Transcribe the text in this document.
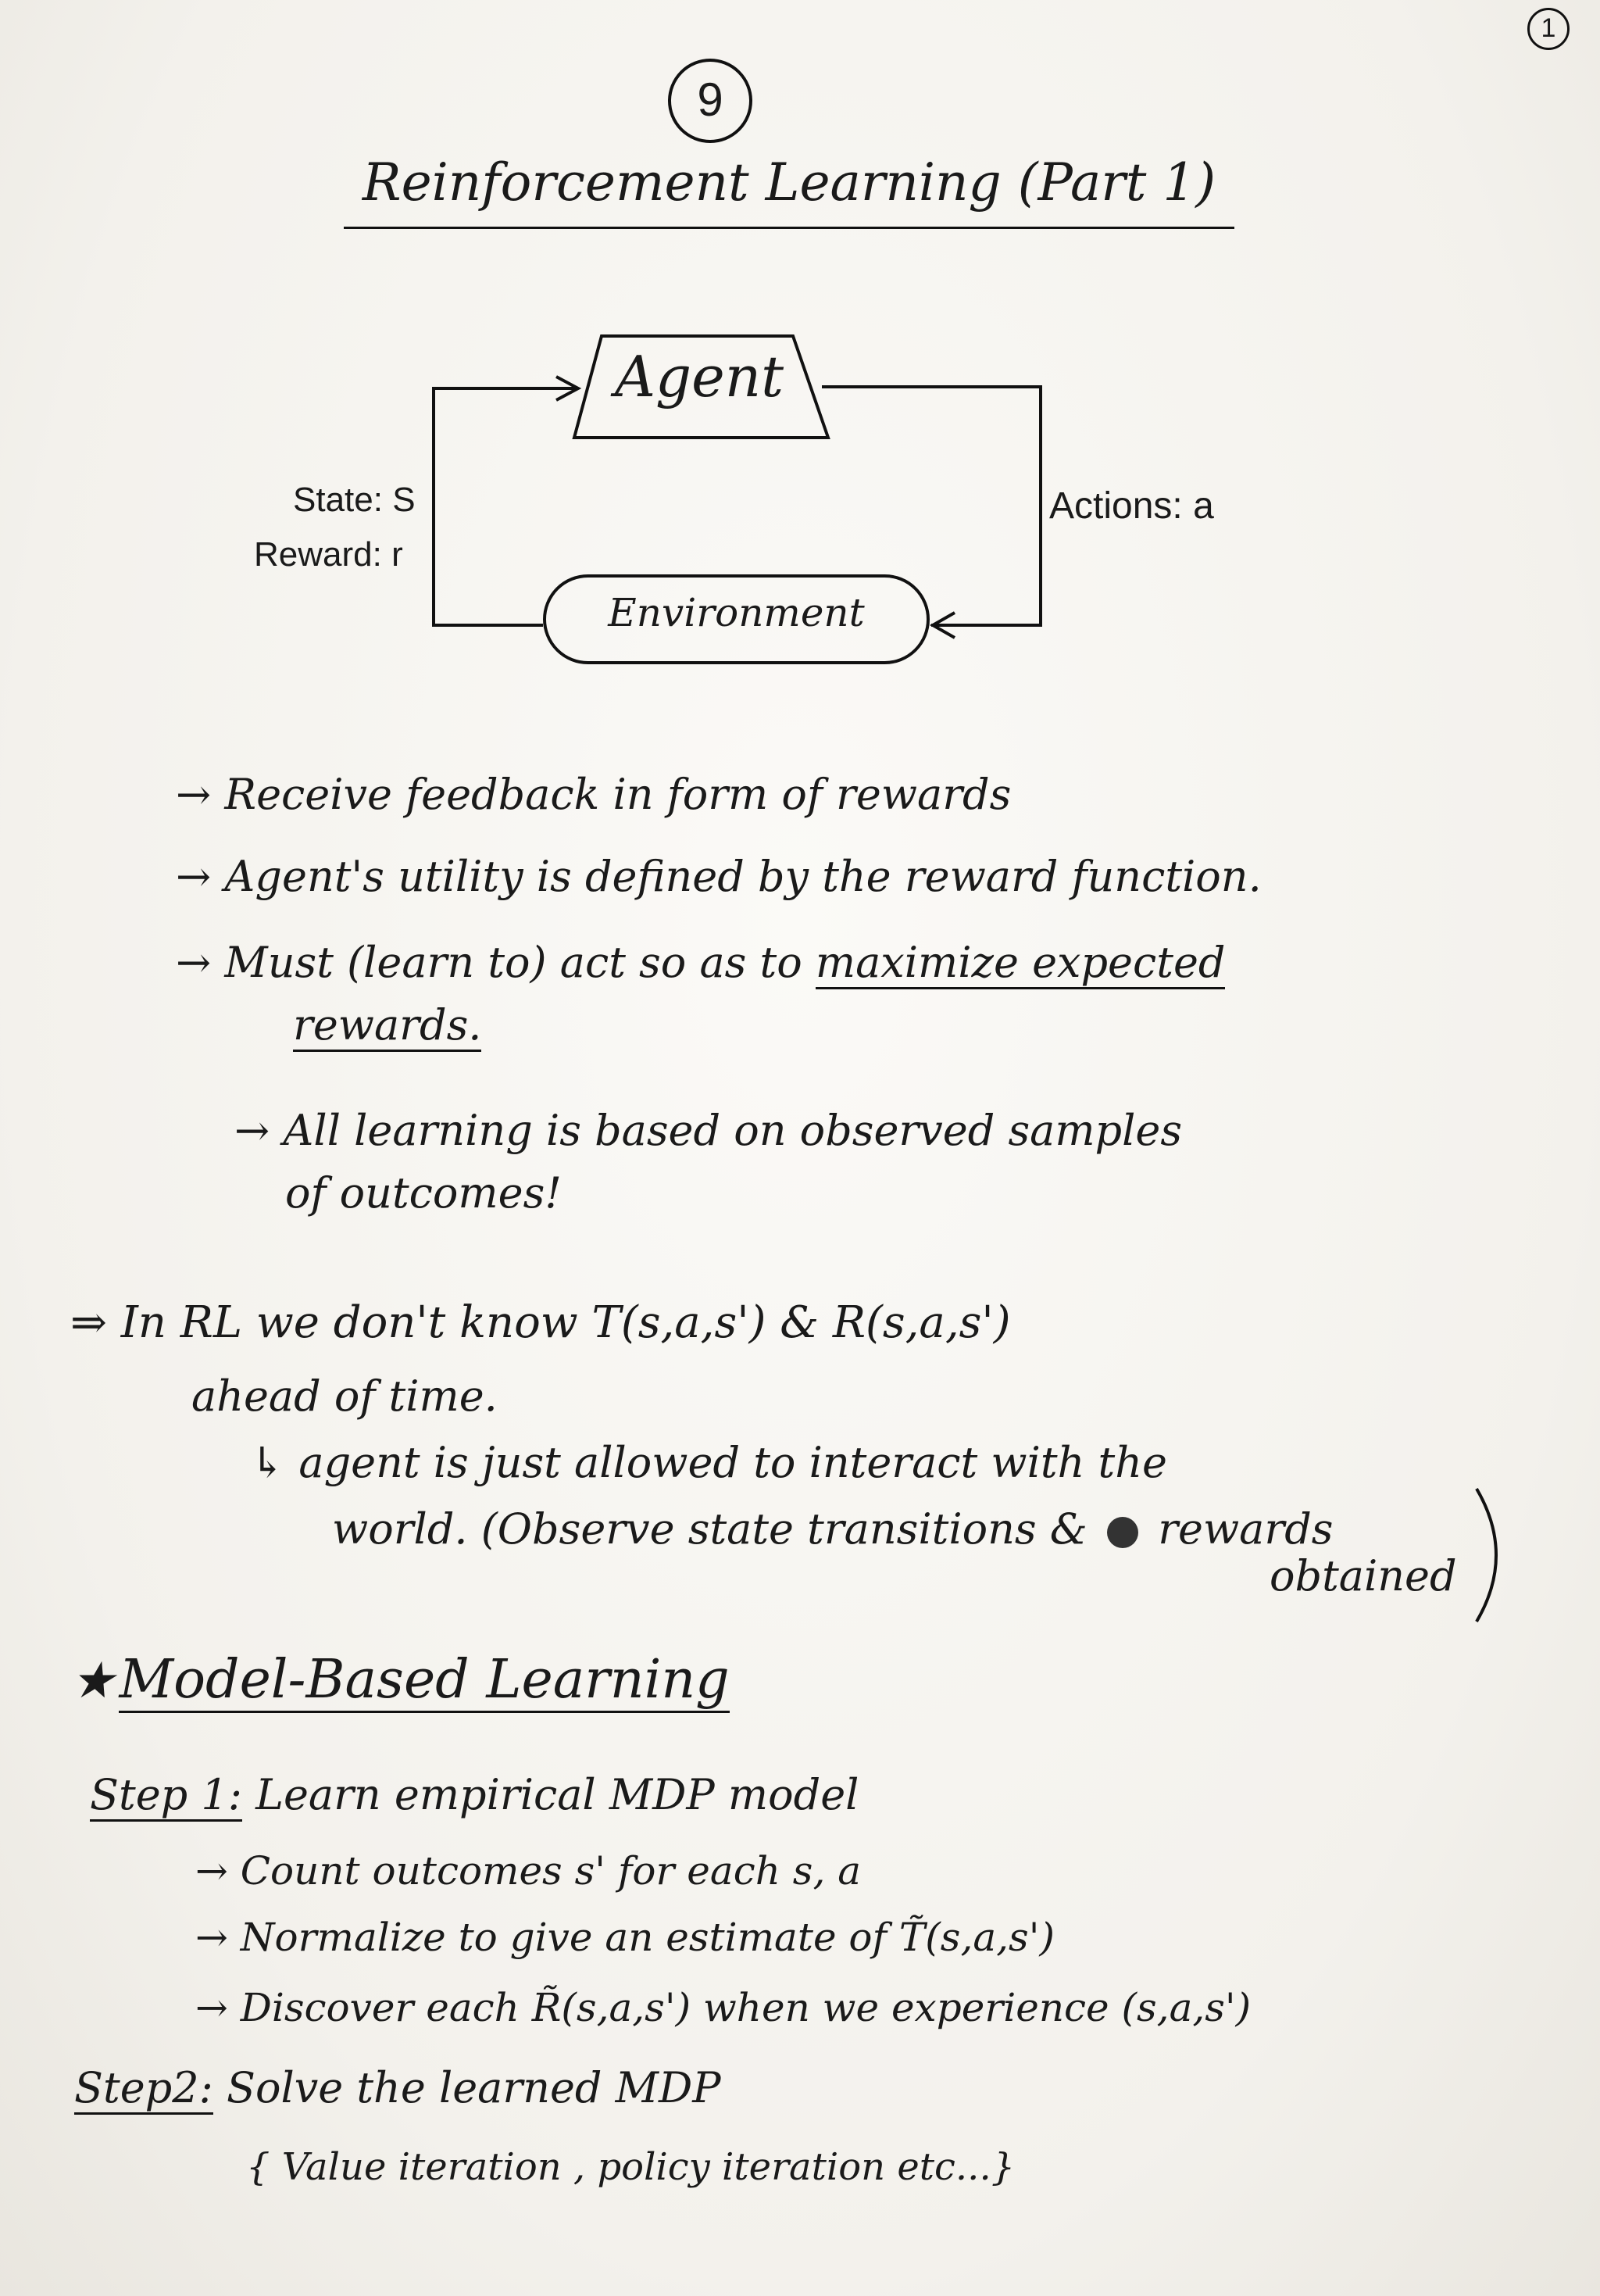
1
9
Reinforcement Learning (Part 1)
Agent
Environment
State: S
Reward: r
Actions: a
→ Receive feedback in form of rewards
→ Agent's utility is defined by the reward function.
→ Must (learn to) act so as to maximize expected
rewards.
→ All learning is based on observed samples
of outcomes!
⇒ In RL we don't know T(s,a,s') & R(s,a,s')
ahead of time.
↳ agent is just allowed to interact with the
world. (Observe state transitions & rewards
obtained
★ Model-Based Learning
Step 1: Learn empirical MDP model
→ Count outcomes s' for each s, a
→ Normalize to give an estimate of T̃(s,a,s')
→ Discover each R̃(s,a,s') when we experience (s,a,s')
Step2: Solve the learned MDP
{ Value iteration , policy iteration etc...}
